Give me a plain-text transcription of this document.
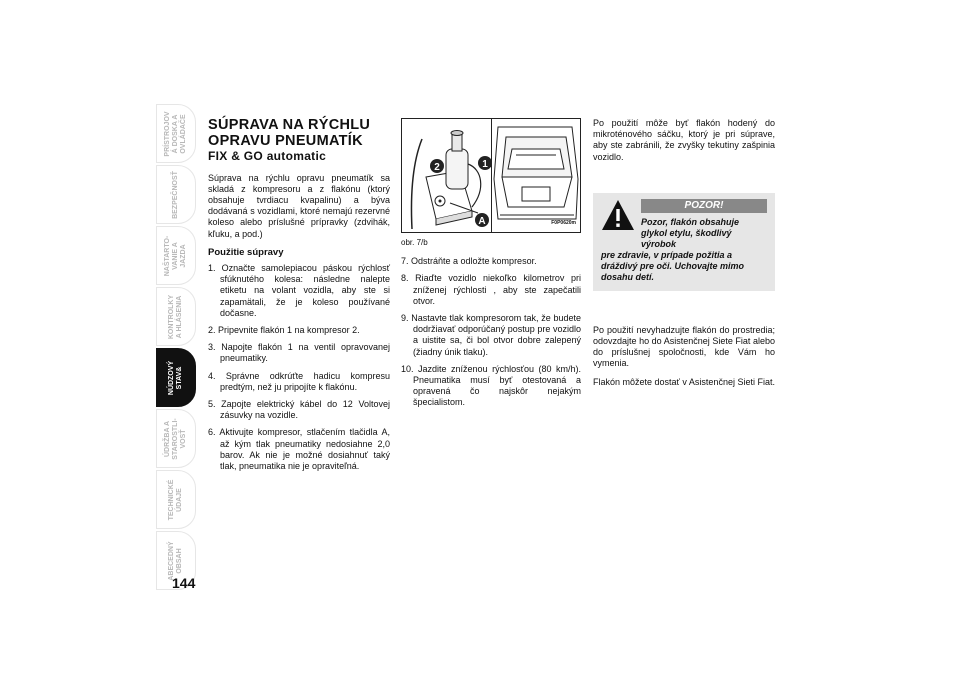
PRÍSTROJOV
Á DOSKA A
OVLÁDAČE
BEZPEČNOSŤ
NAŠTARTO-
VANIE A
JAZDA
KONTROLKY
A HLÁSENIA
NÚDZOVÝ
STAV&
ÚDRŽBA A
STAROSTLI-
VOSŤ
TECHNICKÉ
ÚDAJE
ABECEDNÝ
OBSAH
144
SÚPRAVA NA RÝCHLU
OPRAVU PNEUMATÍK
FIX & GO automatic

Súprava na rýchlu opravu pneumatík sa skladá z kompresoru a z flakónu (ktorý obsahuje tvrdiacu kvapalinu) a býva dodávaná s vozidlami, ktoré nemajú rezervné koleso alebo príslušné prípravky (zdvihák, kľuku, a pod.)

Použitie súpravy
1. Označte samolepiacou páskou rýchlosť sfúknutého kolesa: následne nalepte etiketu na volant vozidla, aby ste si zapamätali, že je koleso používané dočasne.
2. Pripevnite flakón 1 na kompresor 2.
3. Napojte flakón 1 na ventil opravovanej pneumatiky.
4. Správne odkrúťte hadicu kompresu predtým, než ju pripojíte k flakónu.
5. Zapojte elektrický kábel do 12 Voltovej zásuvky na vozidle.
6. Aktivujte kompresor, stlačením tlačidla A, až kým tlak pneumatiky nedosiahne 2,0 barov. Ak nie je možné dosiahnuť taký tlak, pneumatika nie je opraviteľná.
2	1
A	F0P0620m
obr. 7/b
7. Odstráňte a odložte kompresor.
8. Riaďte vozidlo niekoľko kilometrov pri zníženej rýchlosti , aby ste zapečatili otvor.
9. Nastavte tlak kompresorom tak, že budete dodržiavať odporúčaný postup pre vozidlo a uistite sa, či bol otvor dobre zalepený (žiadny únik tlaku).
10. Jazdite zníženou rýchlosťou (80 km/h). Pneumatika musí byť otestovaná a opravená čo najskôr nejakým špecialistom.

Po použití môže byť flakón hodený do mikroténového sáčku, ktorý je pri súprave, aby ste zabránili, že zvyšky tekutiny zašpinia vozidlo.

POZOR!
Pozor, flakón obsahuje glykol etylu, škodlivý výrobok
pre zdravie, v prípade požitia a dráždivý pre oči. Uchovajte mimo dosahu detí.

Po použití nevyhadzujte flakón do prostredia; odovzdajte ho do Asistenčnej Siete Fiat alebo do príslušnej spoločnosti, kde Vám ho vymenia.

Flakón môžete dostať v Asistenčnej Sieti Fiat.
